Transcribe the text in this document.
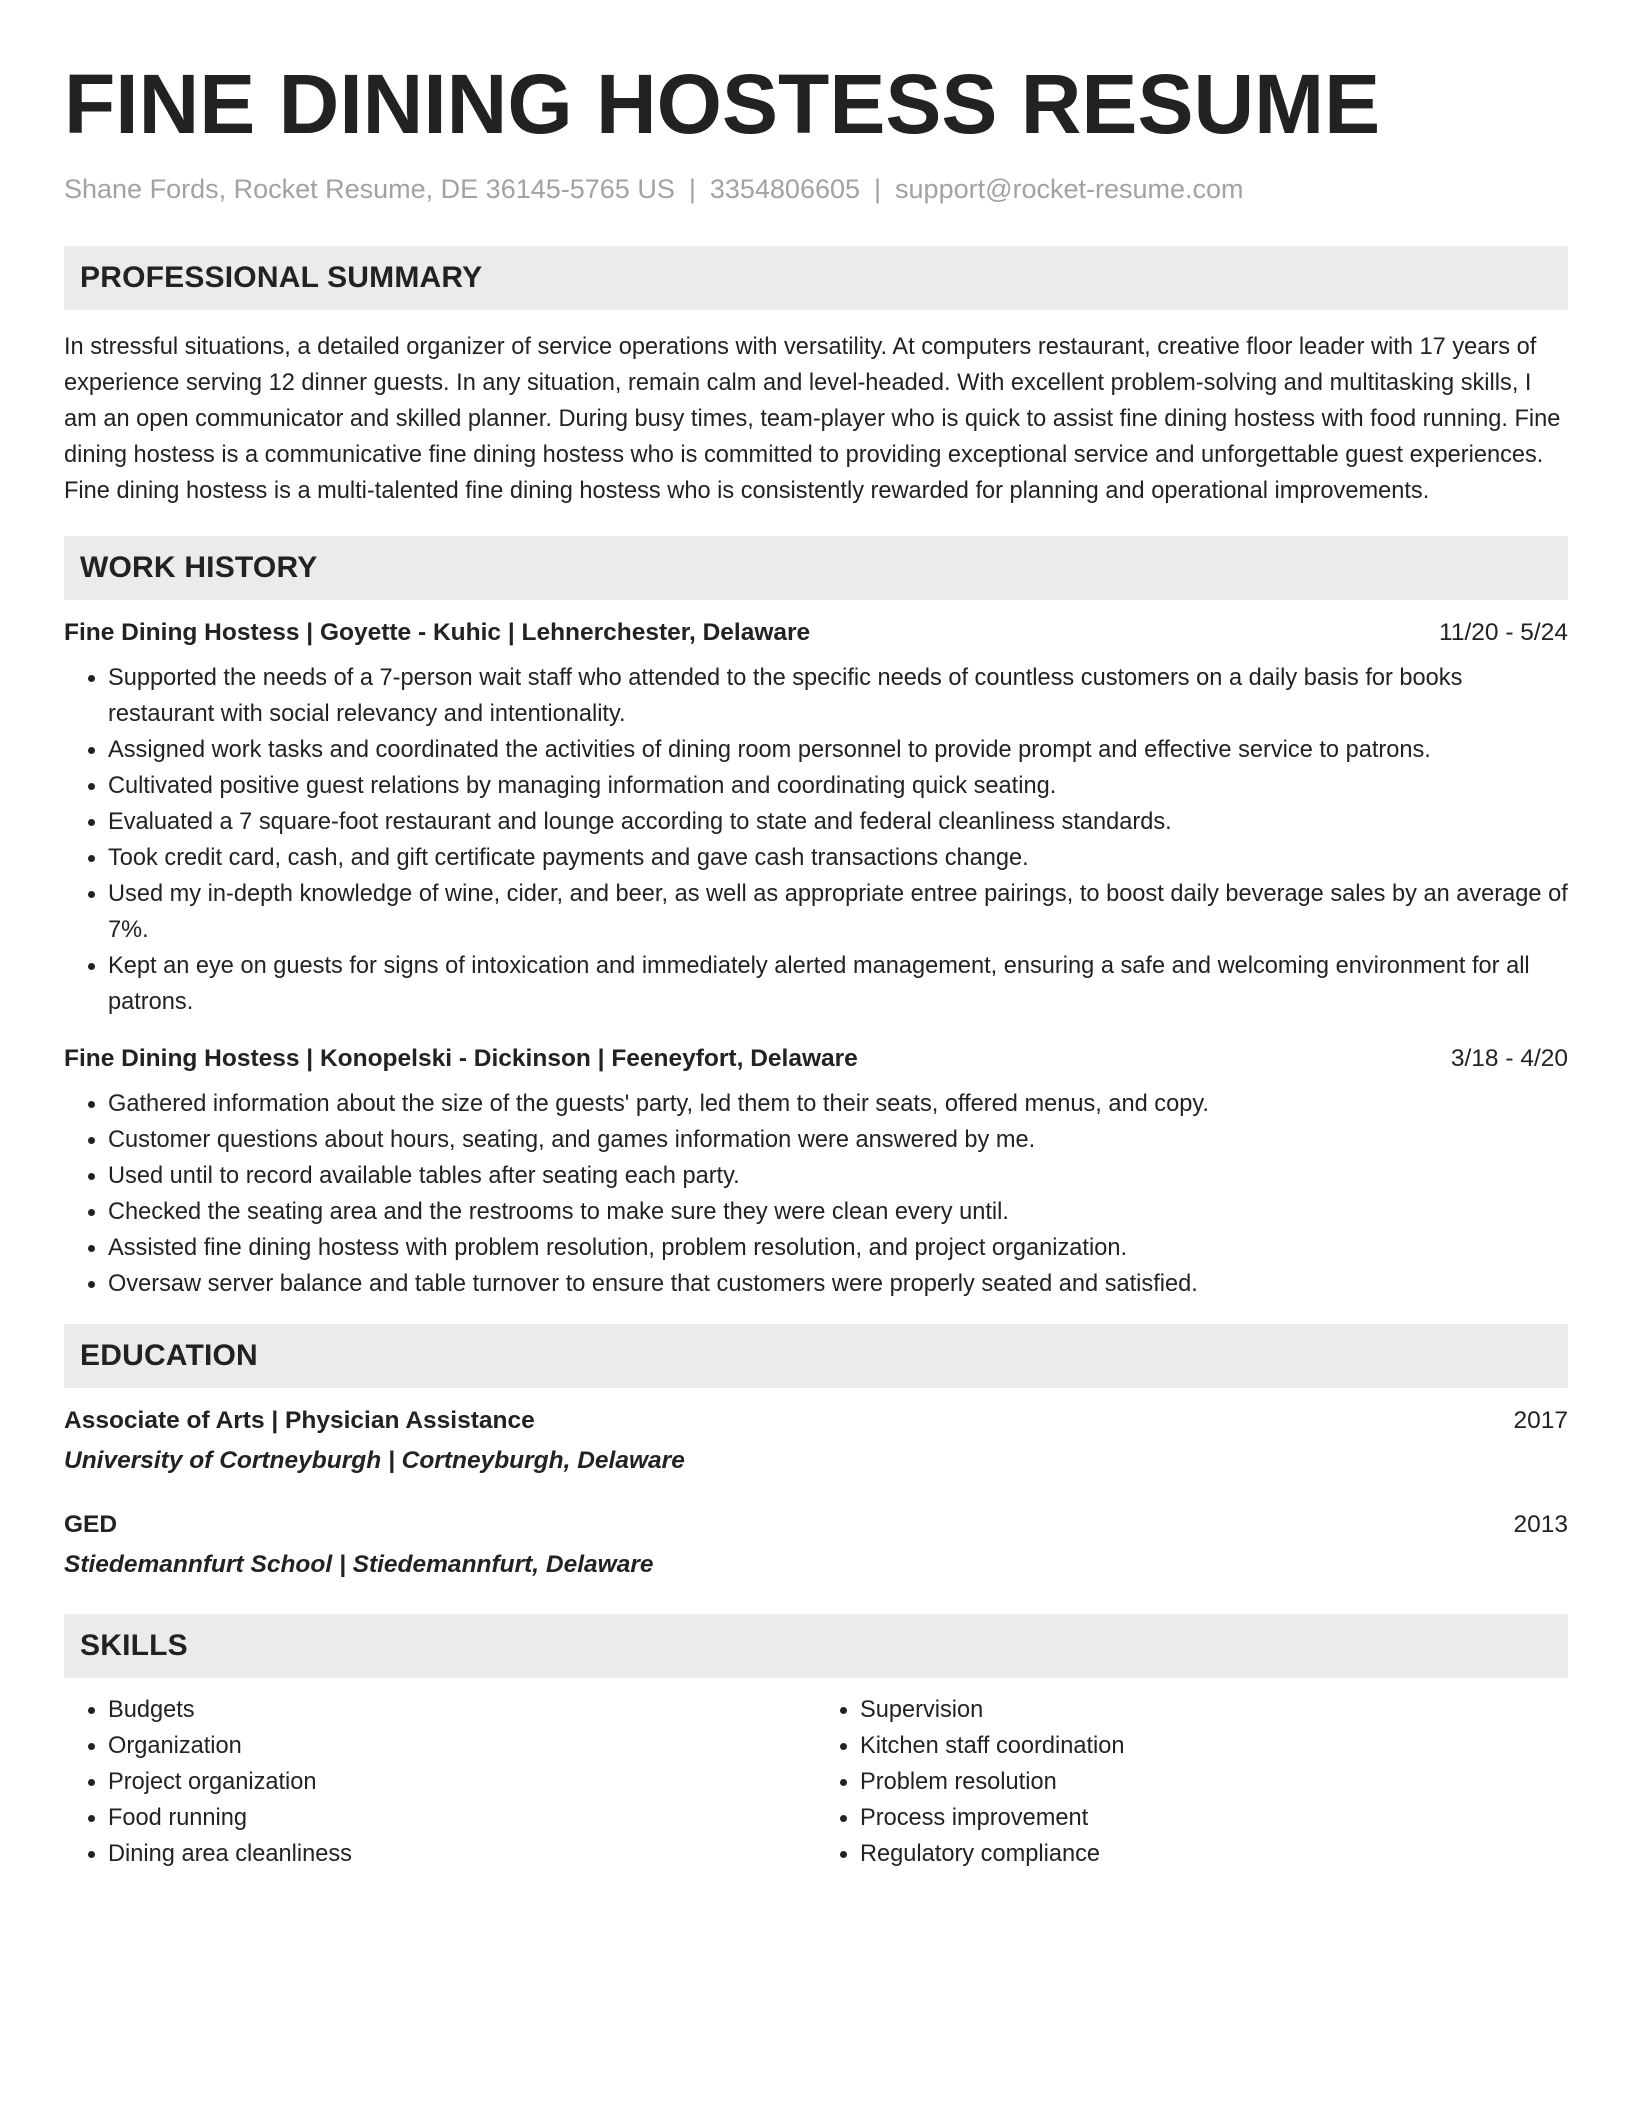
FINE DINING HOSTESS RESUME
Shane Fords, Rocket Resume, DE 36145-5765 US | 3354806605 | support@rocket-resume.com
PROFESSIONAL SUMMARY

In stressful situations, a detailed organizer of service operations with versatility. At computers restaurant, creative floor leader with 17 years of experience serving 12 dinner guests. In any situation, remain calm and level-headed. With excellent problem-solving and multitasking skills, I am an open communicator and skilled planner. During busy times, team-player who is quick to assist fine dining hostess with food running. Fine dining hostess is a communicative fine dining hostess who is committed to providing exceptional service and unforgettable guest experiences. Fine dining hostess is a multi-talented fine dining hostess who is consistently rewarded for planning and operational improvements.

WORK HISTORY
Fine Dining Hostess | Goyette - Kuhic | Lehnerchester, Delaware	11/20 - 5/24
• Supported the needs of a 7-person wait staff who attended to the specific needs of countless customers on a daily basis for books restaurant with social relevancy and intentionality.
• Assigned work tasks and coordinated the activities of dining room personnel to provide prompt and effective service to patrons.
• Cultivated positive guest relations by managing information and coordinating quick seating.
• Evaluated a 7 square-foot restaurant and lounge according to state and federal cleanliness standards.
• Took credit card, cash, and gift certificate payments and gave cash transactions change.
• Used my in-depth knowledge of wine, cider, and beer, as well as appropriate entree pairings, to boost daily beverage sales by an average of 7%.
• Kept an eye on guests for signs of intoxication and immediately alerted management, ensuring a safe and welcoming environment for all patrons.
Fine Dining Hostess | Konopelski - Dickinson | Feeneyfort, Delaware	3/18 - 4/20
• Gathered information about the size of the guests' party, led them to their seats, offered menus, and copy.
• Customer questions about hours, seating, and games information were answered by me.
• Used until to record available tables after seating each party.
• Checked the seating area and the restrooms to make sure they were clean every until.
• Assisted fine dining hostess with problem resolution, problem resolution, and project organization.
• Oversaw server balance and table turnover to ensure that customers were properly seated and satisfied.
EDUCATION
Associate of Arts | Physician Assistance	2017
University of Cortneyburgh | Cortneyburgh, Delaware
GED	2013
Stiedemannfurt School | Stiedemannfurt, Delaware
SKILLS
• Budgets
• Organization
• Project organization
• Food running
• Dining area cleanliness
• Supervision
• Kitchen staff coordination
• Problem resolution
• Process improvement
• Regulatory compliance
